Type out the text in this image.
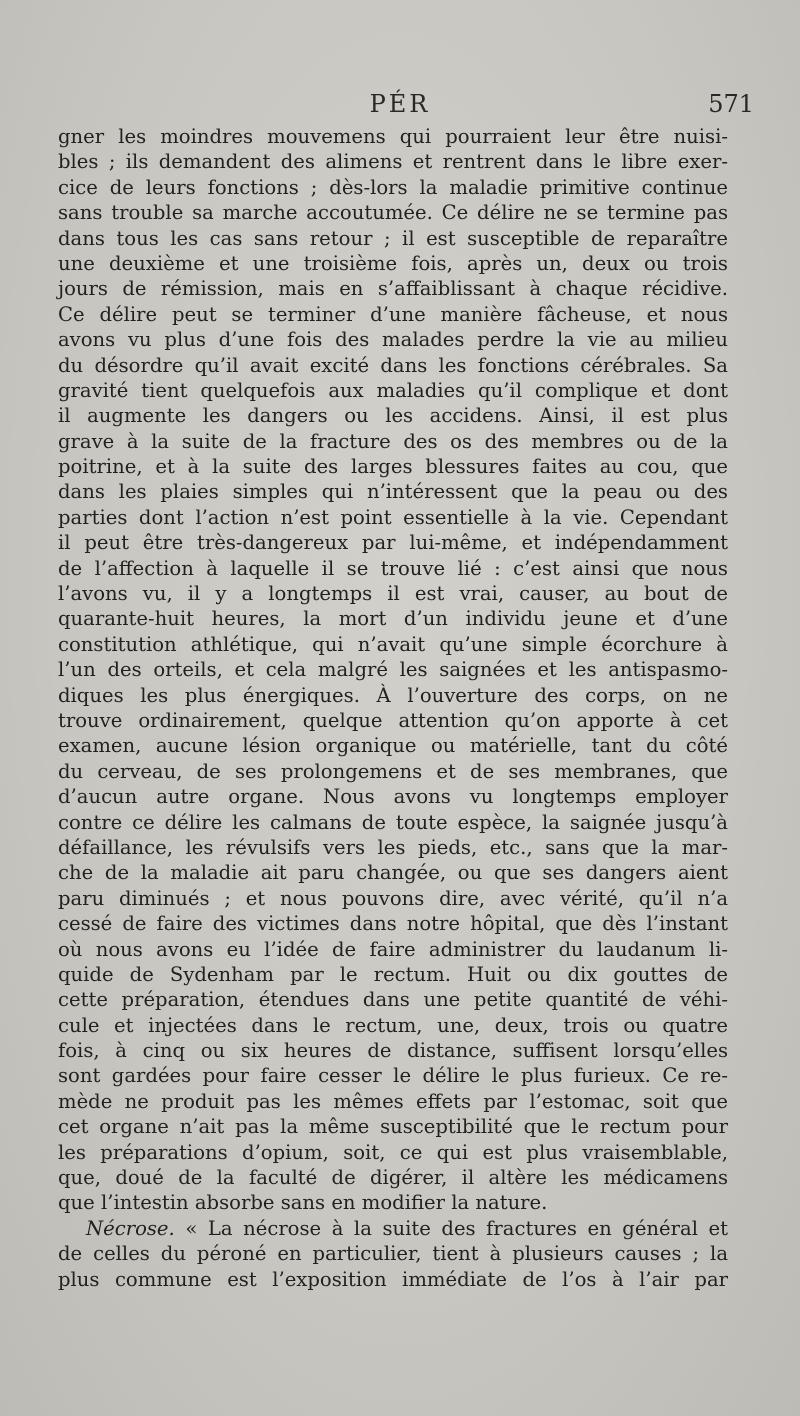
PÉR	571
gner les moindres mouvemens qui pourraient leur être nuisi-
bles ; ils demandent des alimens et rentrent dans le libre exer-
cice de leurs fonctions ; dès-lors la maladie primitive continue
sans trouble sa marche accoutumée. Ce délire ne se termine pas
dans tous les cas sans retour ; il est susceptible de reparaître
une deuxième et une troisième fois, après un, deux ou trois
jours de rémission, mais en s’affaiblissant à chaque récidive.
Ce délire peut se terminer d’une manière fâcheuse, et nous
avons vu plus d’une fois des malades perdre la vie au milieu
du désordre qu’il avait excité dans les fonctions cérébrales. Sa
gravité tient quelquefois aux maladies qu’il complique et dont
il augmente les dangers ou les accidens. Ainsi, il est plus
grave à la suite de la fracture des os des membres ou de la
poitrine, et à la suite des larges blessures faites au cou, que
dans les plaies simples qui n’intéressent que la peau ou des
parties dont l’action n’est point essentielle à la vie. Cependant
il peut être très-dangereux par lui-même, et indépendamment
de l’affection à laquelle il se trouve lié : c’est ainsi que nous
l’avons vu, il y a longtemps il est vrai, causer, au bout de
quarante-huit heures, la mort d’un individu jeune et d’une
constitution athlétique, qui n’avait qu’une simple écorchure à
l’un des orteils, et cela malgré les saignées et les antispasmo-
diques les plus énergiques. À l’ouverture des corps, on ne
trouve ordinairement, quelque attention qu’on apporte à cet
examen, aucune lésion organique ou matérielle, tant du côté
du cerveau, de ses prolongemens et de ses membranes, que
d’aucun autre organe. Nous avons vu longtemps employer
contre ce délire les calmans de toute espèce, la saignée jusqu’à
défaillance, les révulsifs vers les pieds, etc., sans que la mar-
che de la maladie ait paru changée, ou que ses dangers aient
paru diminués ; et nous pouvons dire, avec vérité, qu’il n’a
cessé de faire des victimes dans notre hôpital, que dès l’instant
où nous avons eu l’idée de faire administrer du laudanum li-
quide de Sydenham par le rectum. Huit ou dix gouttes de
cette préparation, étendues dans une petite quantité de véhi-
cule et injectées dans le rectum, une, deux, trois ou quatre
fois, à cinq ou six heures de distance, suffisent lorsqu’elles
sont gardées pour faire cesser le délire le plus furieux. Ce re-
mède ne produit pas les mêmes effets par l’estomac, soit que
cet organe n’ait pas la même susceptibilité que le rectum pour
les préparations d’opium, soit, ce qui est plus vraisemblable,
que, doué de la faculté de digérer, il altère les médicamens
que l’intestin absorbe sans en modifier la nature.
Nécrose. « La nécrose à la suite des fractures en général et
de celles du péroné en particulier, tient à plusieurs causes ; la
plus commune est l’exposition immédiate de l’os à l’air par
